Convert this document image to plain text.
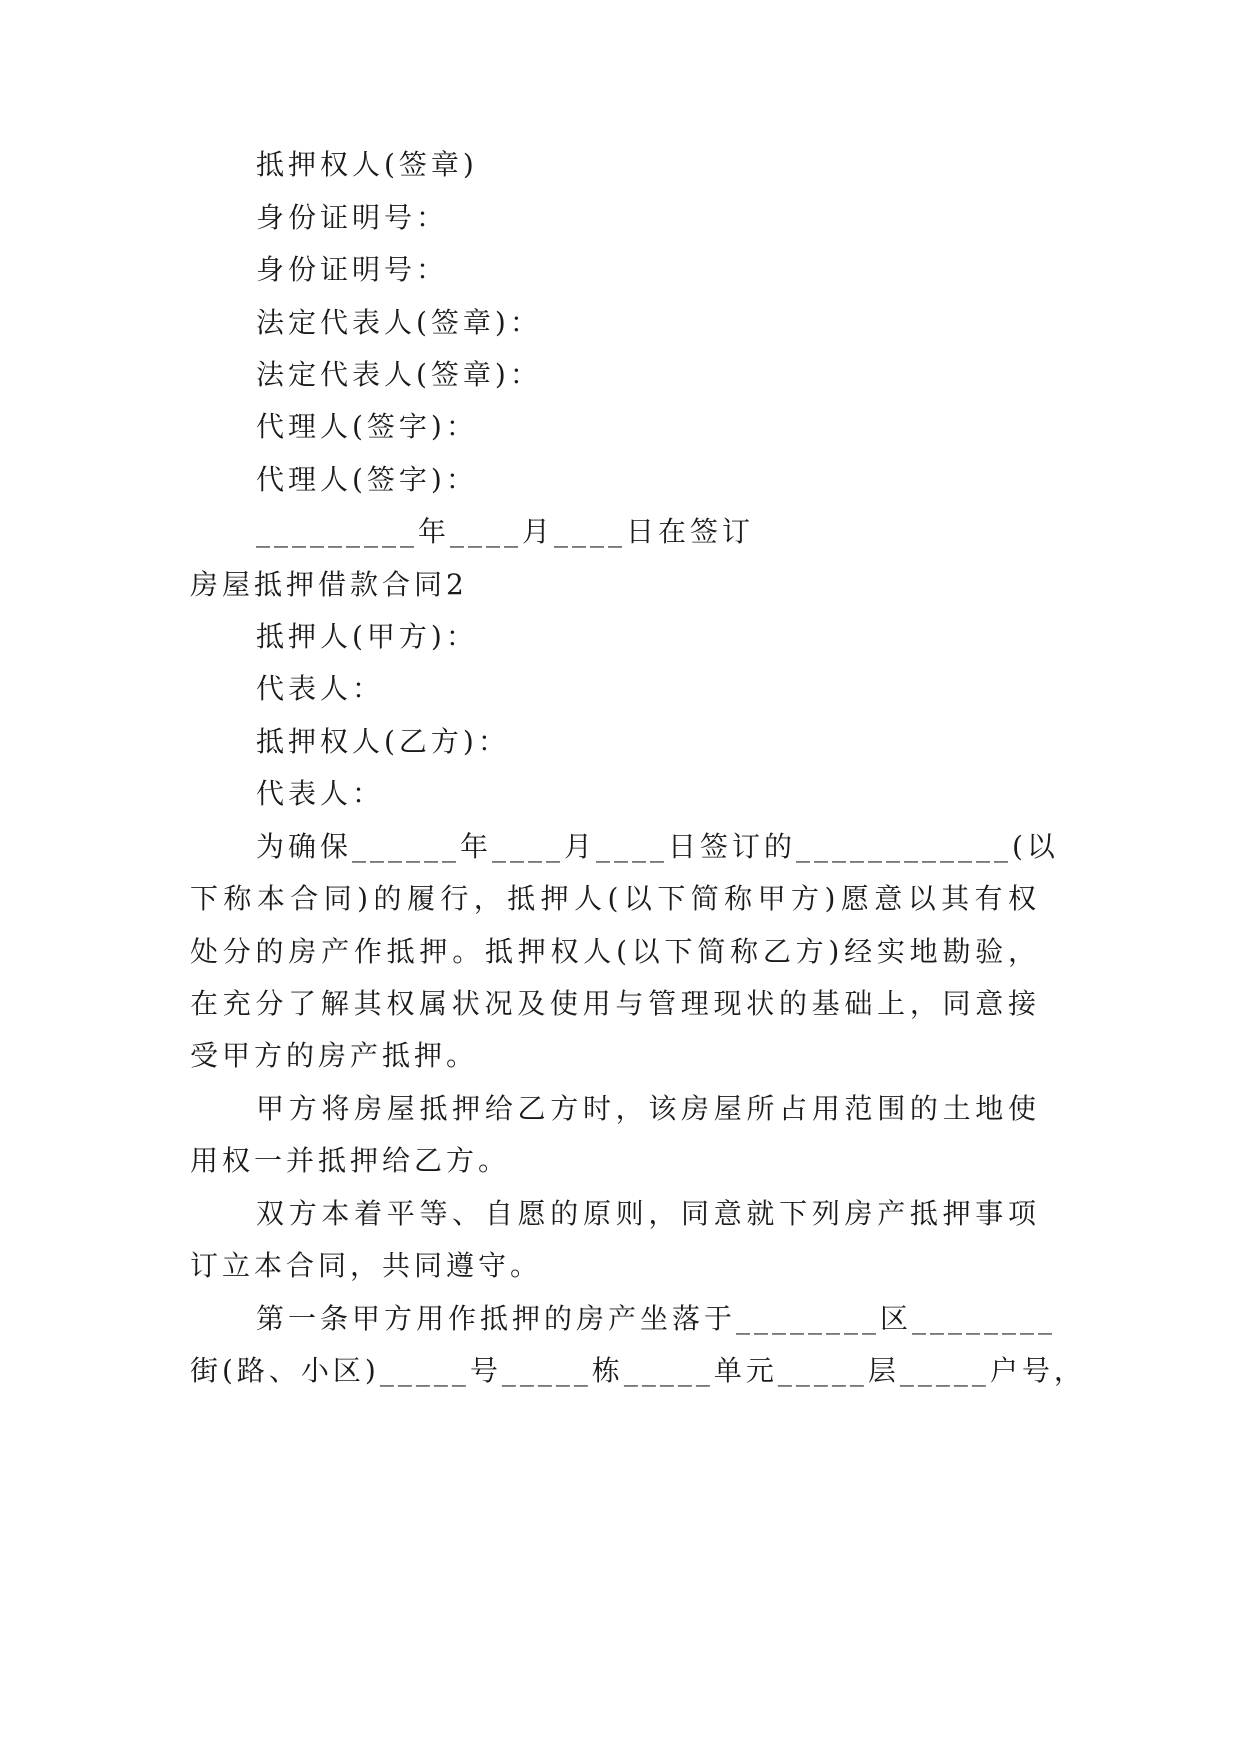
抵押权人(签章)
身份证明号：
身份证明号：
法定代表人(签章)：
法定代表人(签章)：
代理人(签字)：
代理人(签字)：
_________年____月____日在签订
房屋抵押借款合同2
抵押人(甲方)：
代表人：
抵押权人(乙方)：
代表人：
为确保______年____月____日签订的____________(以
下称本合同)的履行，抵押人(以下简称甲方)愿意以其有权
处分的房产作抵押。抵押权人(以下简称乙方)经实地勘验，
在充分了解其权属状况及使用与管理现状的基础上，同意接
受甲方的房产抵押。
甲方将房屋抵押给乙方时，该房屋所占用范围的土地使
用权一并抵押给乙方。
双方本着平等、自愿的原则，同意就下列房产抵押事项
订立本合同，共同遵守。
第一条甲方用作抵押的房产坐落于________区________
街(路、小区)_____号_____栋_____单元_____层_____户号，
